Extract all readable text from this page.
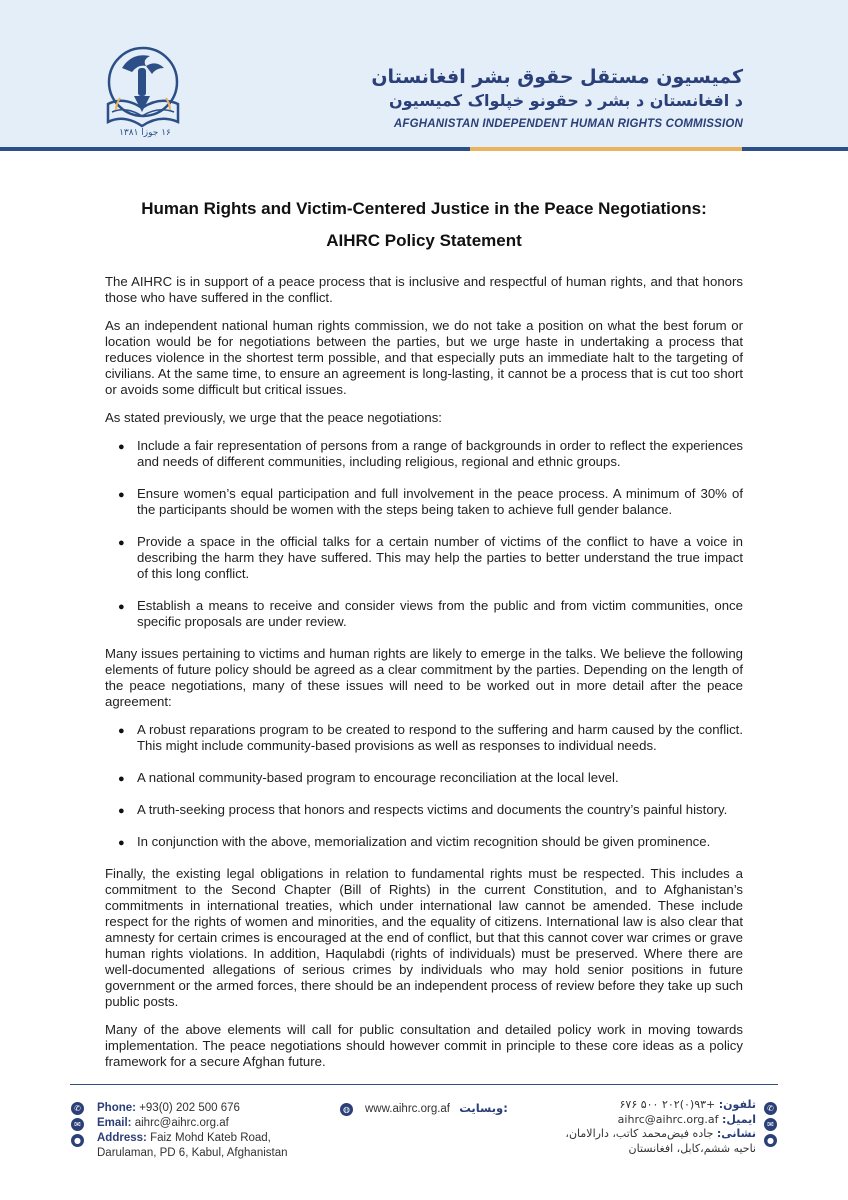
۱۶ جوزا ۱۳۸۱
کمیسیون مستقل حقوق بشر افغانستان
د افغانستان د بشر د حقونو خپلواک کمیسیون
AFGHANISTAN INDEPENDENT HUMAN RIGHTS COMMISSION
Human Rights and Victim-Centered Justice in the Peace Negotiations:
AIHRC Policy Statement

The AIHRC is in support of a peace process that is inclusive and respectful of human rights, and that honors those who have suffered in the conflict.

As an independent national human rights commission, we do not take a position on what the best forum or location would be for negotiations between the parties, but we urge haste in undertaking a process that reduces violence in the shortest term possible, and that especially puts an immediate halt to the targeting of civilians. At the same time, to ensure an agreement is long-lasting, it cannot be a process that is cut too short or avoids some difficult but critical issues.

As stated previously, we urge that the peace negotiations:

● Include a fair representation of persons from a range of backgrounds in order to reflect the experiences and needs of different communities, including religious, regional and ethnic groups.
● Ensure women’s equal participation and full involvement in the peace process. A minimum of 30% of the participants should be women with the steps being taken to achieve full gender balance.
● Provide a space in the official talks for a certain number of victims of the conflict to have a voice in describing the harm they have suffered. This may help the parties to better understand the true impact of this long conflict.
● Establish a means to receive and consider views from the public and from victim communities, once specific proposals are under review.

Many issues pertaining to victims and human rights are likely to emerge in the talks. We believe the following elements of future policy should be agreed as a clear commitment by the parties. Depending on the length of the peace negotiations, many of these issues will need to be worked out in more detail after the peace agreement:

● A robust reparations program to be created to respond to the suffering and harm caused by the conflict. This might include community-based provisions as well as responses to individual needs.
● A national community-based program to encourage reconciliation at the local level.
● A truth-seeking process that honors and respects victims and documents the country’s painful history.
● In conjunction with the above, memorialization and victim recognition should be given prominence.

Finally, the existing legal obligations in relation to fundamental rights must be respected. This includes a commitment to the Second Chapter (Bill of Rights) in the current Constitution, and to Afghanistan’s commitments in international treaties, which under international law cannot be amended. These include respect for the rights of women and minorities, and the equality of citizens. International law is also clear that amnesty for certain crimes is encouraged at the end of conflict, but that this cannot cover war crimes or grave human rights violations. In addition, Haqulabdi (rights of individuals) must be preserved. Where there are well-documented allegations of serious crimes by individuals who may hold senior positions in future government or the armed forces, there should be an independent process of review before they take up such public posts.

Many of the above elements will call for public consultation and detailed policy work in moving towards implementation. The peace negotiations should however commit in principle to these core ideas as a policy framework for a secure Afghan future.

✆
✉
●
Phone: +93(0) 202 500 676
Email: aihrc@aihrc.org.af
Address: Faiz Mohd Kateb Road,
Darulaman, PD 6, Kabul, Afghanistan
◍ www.aihrc.org.af وبسایت:	تلفون: +۹۳(۰)۲۰۲ ۵۰۰ ۶۷۶
ایمیل: aihrc@aihrc.org.af
نشانی: جاده فیض‌محمد کاتب، دارالامان،
ناحیه ششم،کابل، افغانستان
✆
✉
●
